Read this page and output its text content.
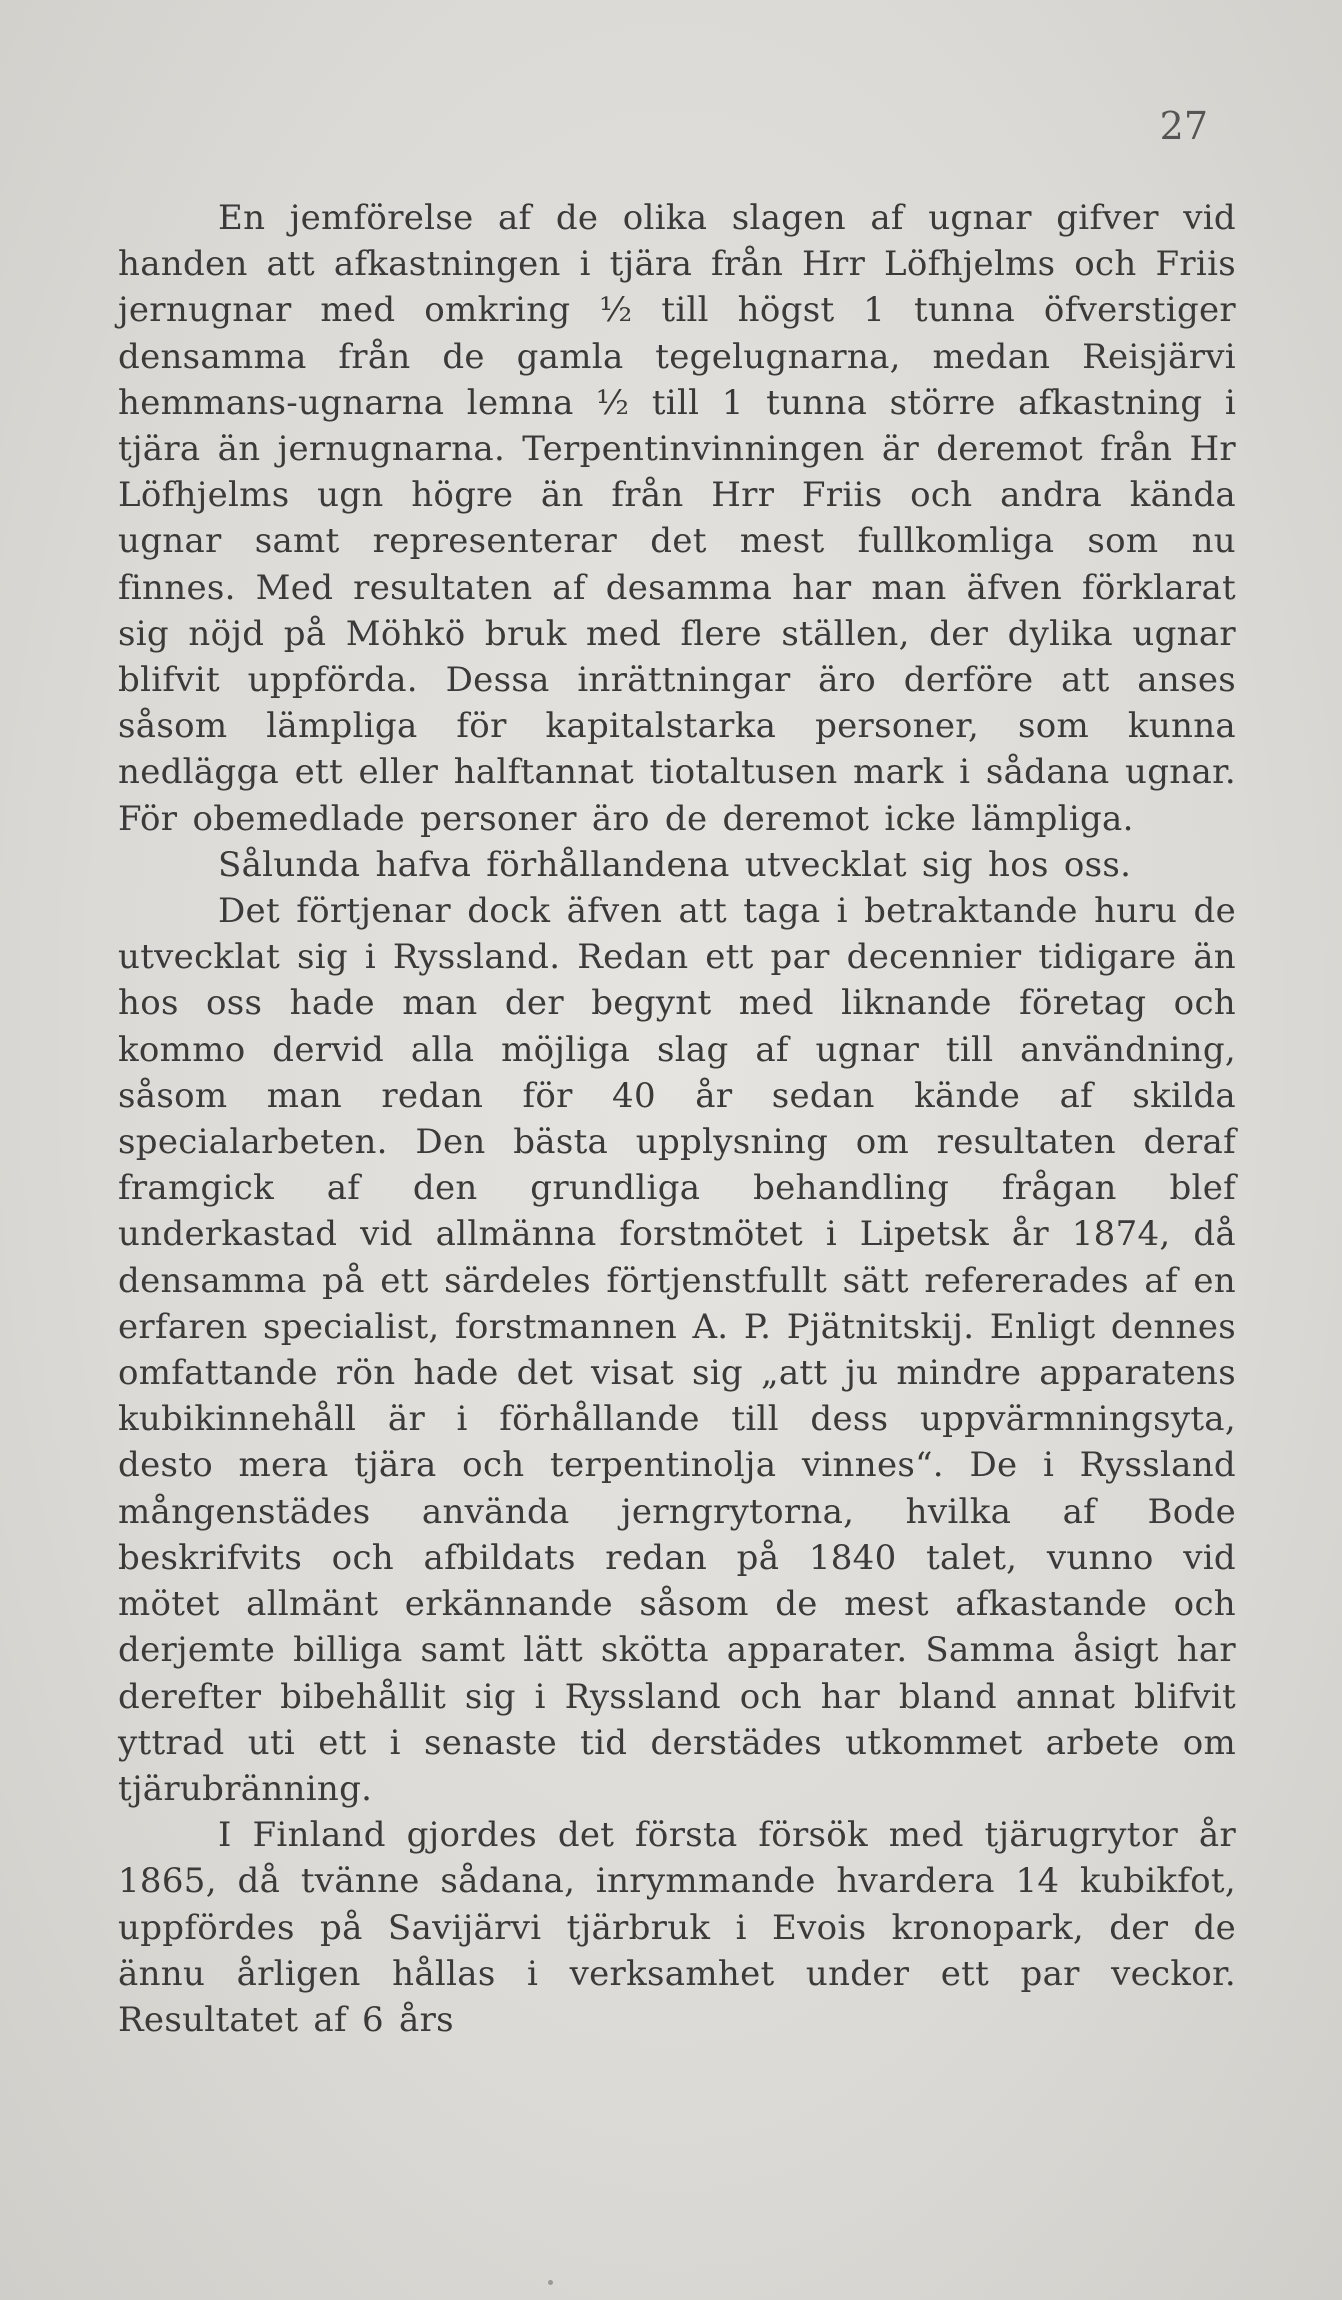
27

En jemförelse af de olika slagen af ugnar gifver vid handen att afkastningen i tjära från Hrr Löfhjelms och Friis jernugnar med omkring ½ till högst 1 tunna öfverstiger densamma från de gamla tegelugnarna, medan Reisjärvi hemmans-ugnarna lemna ½ till 1 tunna större afkastning i tjära än jernugnarna. Terpentinvinningen är deremot från Hr Löfhjelms ugn högre än från Hrr Friis och andra kända ugnar samt representerar det mest fullkomliga som nu finnes. Med resultaten af desamma har man äfven förklarat sig nöjd på Möhkö bruk med flere ställen, der dylika ugnar blifvit uppförda. Dessa inrättningar äro derföre att anses såsom lämpliga för kapitalstarka personer, som kunna nedlägga ett eller halftannat tiotaltusen mark i sådana ugnar. För obemedlade personer äro de deremot icke lämpliga.

Sålunda hafva förhållandena utvecklat sig hos oss.

Det förtjenar dock äfven att taga i betraktande huru de utvecklat sig i Ryssland. Redan ett par decennier tidigare än hos oss hade man der begynt med liknande företag och kommo dervid alla möjliga slag af ugnar till användning, såsom man redan för 40 år sedan kände af skilda specialarbeten. Den bästa upplysning om resultaten deraf framgick af den grundliga behandling frågan blef underkastad vid allmänna forstmötet i Lipetsk år 1874, då densamma på ett särdeles förtjenstfullt sätt refererades af en erfaren specialist, forstmannen A. P. Pjätnitskij. Enligt dennes omfattande rön hade det visat sig „att ju mindre apparatens kubikinnehåll är i förhållande till dess uppvärmningsyta, desto mera tjära och terpentinolja vinnes“. De i Ryssland mångenstädes använda jerngrytorna, hvilka af Bode beskrifvits och afbildats redan på 1840 talet, vunno vid mötet allmänt erkännande såsom de mest afkastande och derjemte billiga samt lätt skötta apparater. Samma åsigt har derefter bibehållit sig i Ryssland och har bland annat blifvit yttrad uti ett i senaste tid derstädes utkommet arbete om tjärubränning.

I Finland gjordes det första försök med tjärugrytor år 1865, då tvänne sådana, inrymmande hvardera 14 kubikfot, uppfördes på Savijärvi tjärbruk i Evois kronopark, der de ännu årligen hållas i verksamhet under ett par veckor. Resultatet af 6 års
